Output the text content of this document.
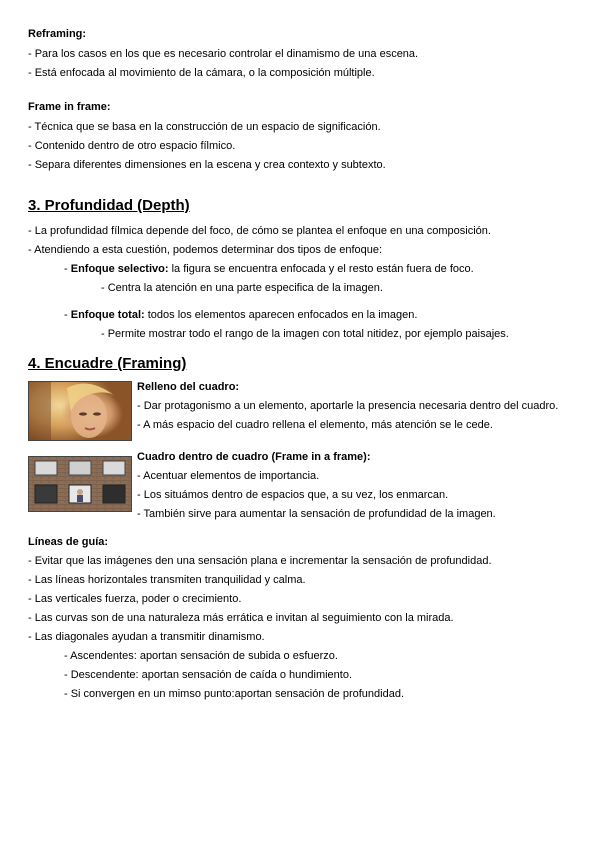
Reframing:
- Para los casos en los que es necesario controlar el dinamismo de una escena.
- Está enfocada al movimiento de la cámara, o la composición múltiple.
Frame in frame:
- Técnica que se basa en la construcción de un espacio de significación.
- Contenido dentro de otro espacio fílmico.
- Separa diferentes dimensiones en la escena y crea contexto y subtexto.
3. Profundidad (Depth)
- La profundidad fílmica depende del foco, de cómo se plantea el enfoque en una composición.
- Atendiendo a esta cuestión, podemos determinar dos tipos de enfoque:
- Enfoque selectivo: la figura se encuentra enfocada y el resto están fuera de foco.
- Centra la atención en una parte especifica de la imagen.
- Enfoque total: todos los elementos aparecen enfocados en la imagen.
- Permite mostrar todo el rango de la imagen con total nitidez, por ejemplo paisajes.
4. Encuadre (Framing)
Relleno del cuadro:
- Dar protagonismo a un elemento, aportarle la presencia necesaria dentro del cuadro.
- A más espacio del cuadro rellena el elemento, más atención se le cede.
Cuadro dentro de cuadro (Frame in a frame):
- Acentuar elementos de importancia.
- Los situámos dentro de espacios que, a su vez, los enmarcan.
- También sirve para aumentar la sensación de profundidad de la imagen.
Líneas de guía:
- Evitar que las imágenes den una sensación plana e incrementar la sensación de profundidad.
- Las líneas horizontales transmiten tranquilidad y calma.
- Las verticales fuerza, poder o crecimiento.
- Las curvas son de una naturaleza más errática e invitan al seguimiento con la mirada.
- Las diagonales ayudan a transmitir dinamismo.
- Ascendentes: aportan sensación de subida o esfuerzo.
- Descendente: aportan sensación de caída o hundimiento.
- Si convergen en un mimso punto:aportan sensación de profundidad.
